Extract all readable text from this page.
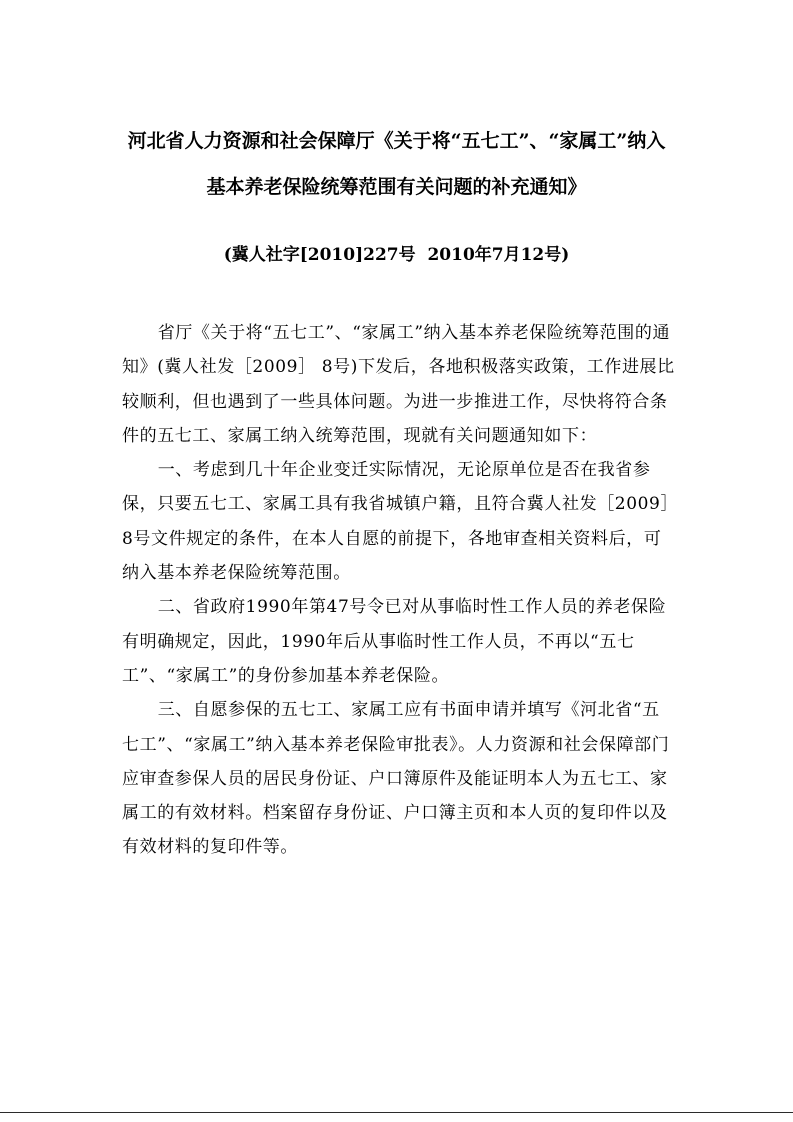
河北省人力资源和社会保障厅《关于将“五七工”、“家属工”纳入
基本养老保险统筹范围有关问题的补充通知》
(冀人社字[2010]227号  2010年7月12号)

省厅《关于将“五七工”、“家属工”纳入基本养老保险统筹范围的通知》(冀人社发［2009］ 8号)下发后，各地积极落实政策，工作进展比较顺利，但也遇到了一些具体问题。为进一步推进工作，尽快将符合条件的五七工、家属工纳入统筹范围，现就有关问题通知如下：

一、考虑到几十年企业变迁实际情况，无论原单位是否在我省参保，只要五七工、家属工具有我省城镇户籍，且符合冀人社发［2009］8号文件规定的条件，在本人自愿的前提下，各地审查相关资料后，可纳入基本养老保险统筹范围。

二、省政府1990年第47号令已对从事临时性工作人员的养老保险有明确规定，因此，1990年后从事临时性工作人员，不再以“五七工”、“家属工”的身份参加基本养老保险。

三、自愿参保的五七工、家属工应有书面申请并填写《河北省“五七工”、“家属工”纳入基本养老保险审批表》。人力资源和社会保障部门应审查参保人员的居民身份证、户口簿原件及能证明本人为五七工、家属工的有效材料。档案留存身份证、户口簿主页和本人页的复印件以及有效材料的复印件等。
